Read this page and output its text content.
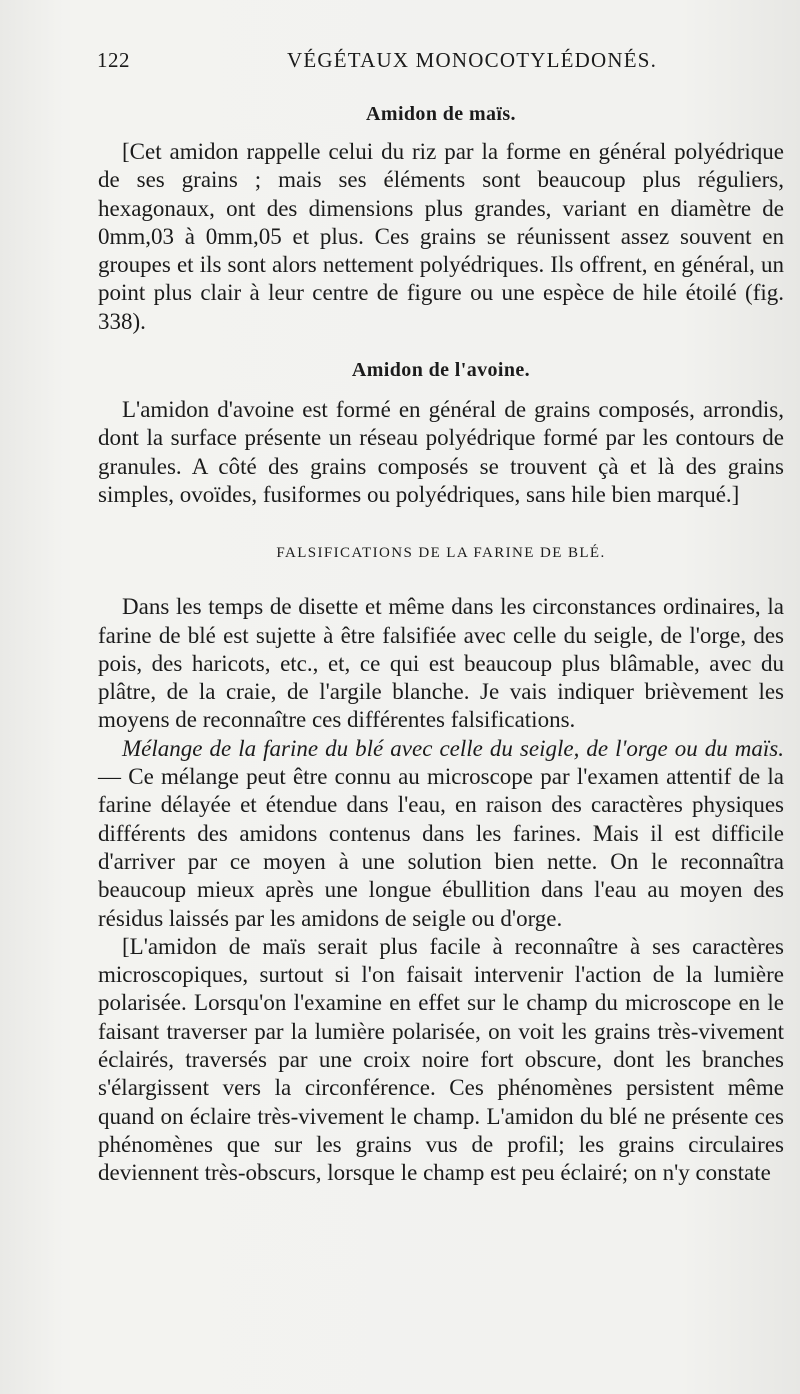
122	VÉGÉTAUX MONOCOTYLÉDONÉS.
Amidon de maïs.

[Cet amidon rappelle celui du riz par la forme en général polyédrique de ses grains ; mais ses éléments sont beaucoup plus réguliers, hexagonaux, ont des dimensions plus grandes, variant en diamètre de 0mm,03 à 0mm,05 et plus. Ces grains se réunissent assez souvent en groupes et ils sont alors nettement polyédriques. Ils offrent, en général, un point plus clair à leur centre de figure ou une espèce de hile étoilé (fig. 338).

Amidon de l'avoine.

L'amidon d'avoine est formé en général de grains composés, arrondis, dont la surface présente un réseau polyédrique formé par les contours de granules. A côté des grains composés se trouvent çà et là des grains simples, ovoïdes, fusiformes ou polyédriques, sans hile bien marqué.]

FALSIFICATIONS DE LA FARINE DE BLÉ.

Dans les temps de disette et même dans les circonstances ordinaires, la farine de blé est sujette à être falsifiée avec celle du seigle, de l'orge, des pois, des haricots, etc., et, ce qui est beaucoup plus blâmable, avec du plâtre, de la craie, de l'argile blanche. Je vais indiquer brièvement les moyens de reconnaître ces différentes falsifications.

Mélange de la farine du blé avec celle du seigle, de l'orge ou du maïs. — Ce mélange peut être connu au microscope par l'examen attentif de la farine délayée et étendue dans l'eau, en raison des caractères physiques différents des amidons contenus dans les farines. Mais il est difficile d'arriver par ce moyen à une solution bien nette. On le reconnaîtra beaucoup mieux après une longue ébullition dans l'eau au moyen des résidus laissés par les amidons de seigle ou d'orge.

[L'amidon de maïs serait plus facile à reconnaître à ses caractères microscopiques, surtout si l'on faisait intervenir l'action de la lumière polarisée. Lorsqu'on l'examine en effet sur le champ du microscope en le faisant traverser par la lumière polarisée, on voit les grains très-vivement éclairés, traversés par une croix noire fort obscure, dont les branches s'élargissent vers la circonférence. Ces phénomènes persistent même quand on éclaire très-vivement le champ. L'amidon du blé ne présente ces phénomènes que sur les grains vus de profil; les grains circulaires deviennent très-obscurs, lorsque le champ est peu éclairé; on n'y constate
